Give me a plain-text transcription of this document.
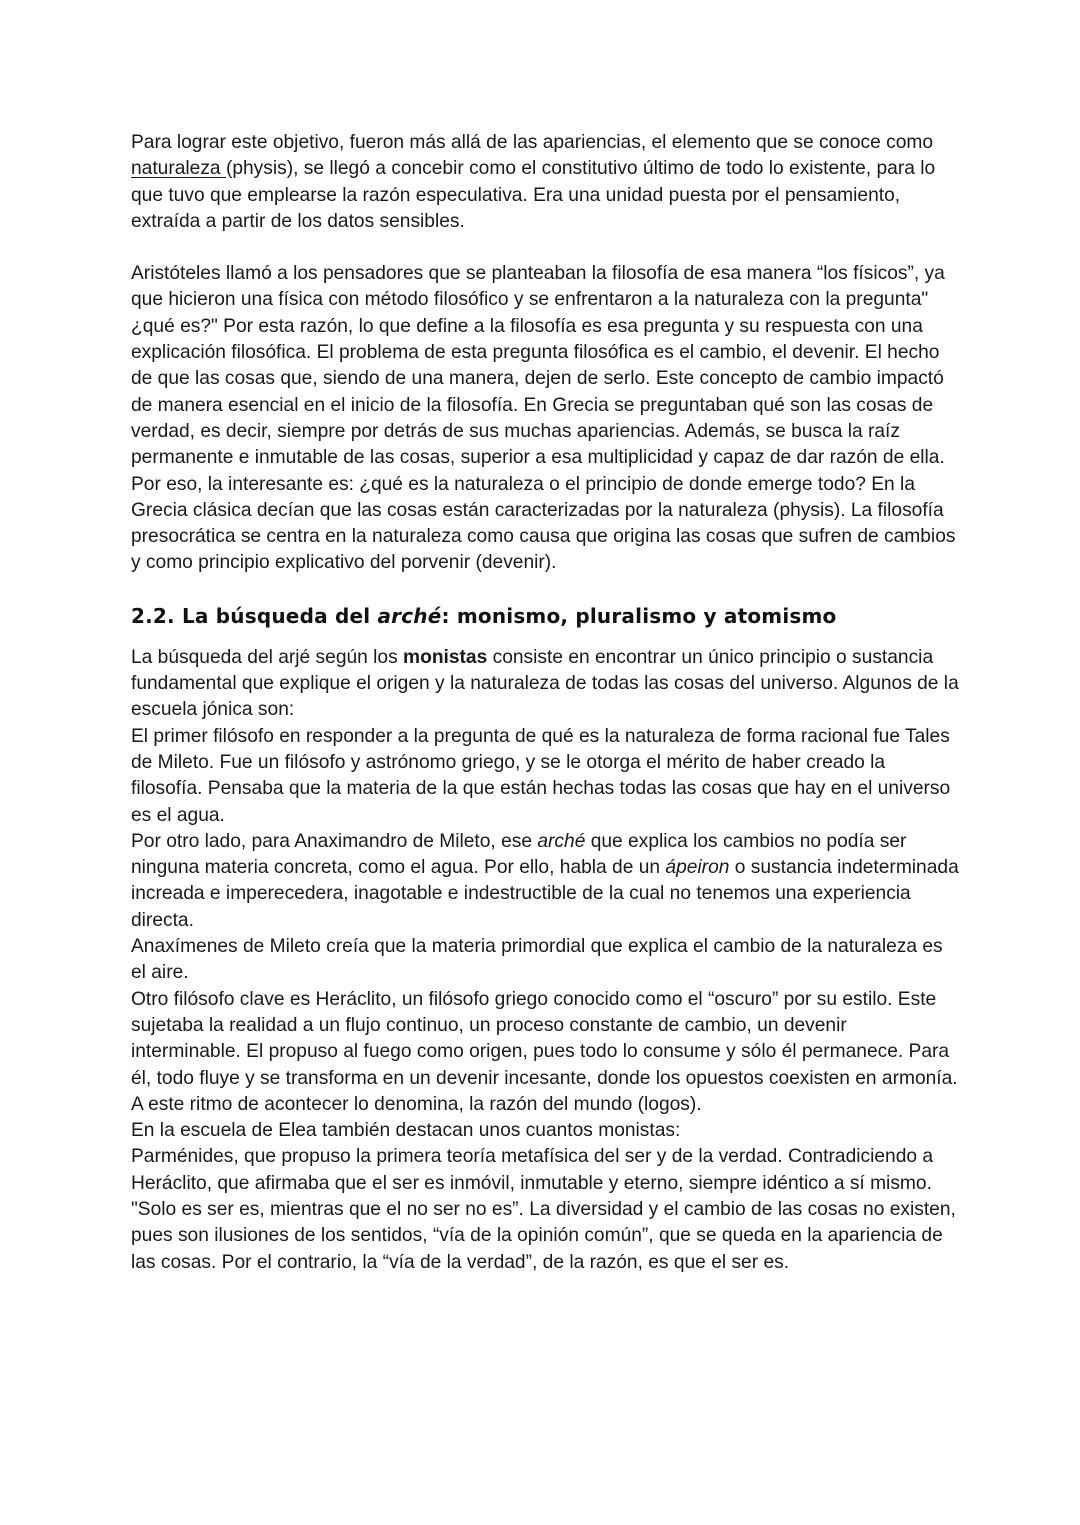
Para lograr este objetivo, fueron más allá de las apariencias, el elemento que se conoce como naturaleza (physis), se llegó a concebir como el constitutivo último de todo lo existente, para lo que tuvo que emplearse la razón especulativa. Era una unidad puesta por el pensamiento, extraída a partir de los datos sensibles.

Aristóteles llamó a los pensadores que se planteaban la filosofía de esa manera “los físicos”, ya que hicieron una física con método filosófico y se enfrentaron a la naturaleza con la pregunta" ¿qué es?" Por esta razón, lo que define a la filosofía es esa pregunta y su respuesta con una explicación filosófica. El problema de esta pregunta filosófica es el cambio, el devenir. El hecho de que las cosas que, siendo de una manera, dejen de serlo. Este concepto de cambio impactó de manera esencial en el inicio de la filosofía. En Grecia se preguntaban qué son las cosas de verdad, es decir, siempre por detrás de sus muchas apariencias. Además, se busca la raíz permanente e inmutable de las cosas, superior a esa multiplicidad y capaz de dar razón de ella. Por eso, la interesante es: ¿qué es la naturaleza o el principio de donde emerge todo? En la Grecia clásica decían que las cosas están caracterizadas por la naturaleza (physis). La filosofía presocrática se centra en la naturaleza como causa que origina las cosas que sufren de cambios y como principio explicativo del porvenir (devenir).

2.2. La búsqueda del arché: monismo, pluralismo y atomismo

La búsqueda del arjé según los monistas consiste en encontrar un único principio o sustancia fundamental que explique el origen y la naturaleza de todas las cosas del universo. Algunos de la escuela jónica son:

El primer filósofo en responder a la pregunta de qué es la naturaleza de forma racional fue Tales de Mileto. Fue un filósofo y astrónomo griego, y se le otorga el mérito de haber creado la filosofía. Pensaba que la materia de la que están hechas todas las cosas que hay en el universo es el agua.

Por otro lado, para Anaximandro de Mileto, ese arché que explica los cambios no podía ser ninguna materia concreta, como el agua. Por ello, habla de un ápeiron o sustancia indeterminada increada e imperecedera, inagotable e indestructible de la cual no tenemos una experiencia directa.

Anaxímenes de Mileto creía que la materia primordial que explica el cambio de la naturaleza es el aire.

Otro filósofo clave es Heráclito, un filósofo griego conocido como el “oscuro” por su estilo. Este sujetaba la realidad a un flujo continuo, un proceso constante de cambio, un devenir interminable. El propuso al fuego como origen, pues todo lo consume y sólo él permanece. Para él, todo fluye y se transforma en un devenir incesante, donde los opuestos coexisten en armonía. A este ritmo de acontecer lo denomina, la razón del mundo (logos).

En la escuela de Elea también destacan unos cuantos monistas:

Parménides, que propuso la primera teoría metafísica del ser y de la verdad. Contradiciendo a Heráclito, que afirmaba que el ser es inmóvil, inmutable y eterno, siempre idéntico a sí mismo. "Solo es ser es, mientras que el no ser no es”. La diversidad y el cambio de las cosas no existen, pues son ilusiones de los sentidos, “vía de la opinión común”, que se queda en la apariencia de las cosas. Por el contrario, la “vía de la verdad”, de la razón, es que el ser es.
